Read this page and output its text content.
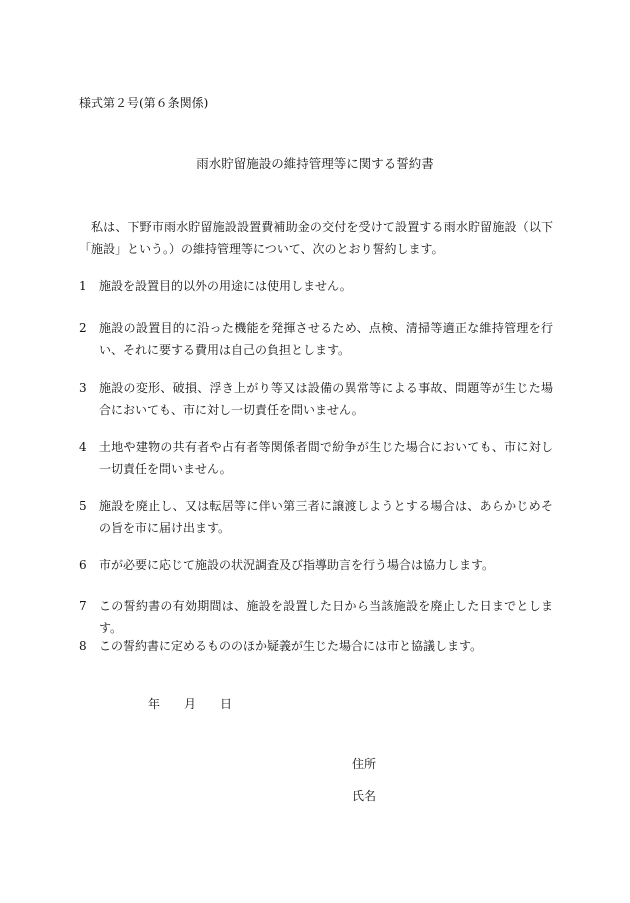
様式第２号(第６条関係)
雨水貯留施設の維持管理等に関する誓約書

私は、下野市雨水貯留施設設置費補助金の交付を受けて設置する雨水貯留施設（以下「施設」という。）の維持管理等について、次のとおり誓約します。

1	施設を設置目的以外の用途には使用しません。
2	施設の設置目的に沿った機能を発揮させるため、点検、清掃等適正な維持管理を行い、それに要する費用は自己の負担とします。
3	施設の変形、破損、浮き上がり等又は設備の異常等による事故、問題等が生じた場合においても、市に対し一切責任を問いません。
4	土地や建物の共有者や占有者等関係者間で紛争が生じた場合においても、市に対し一切責任を問いません。
5	施設を廃止し、又は転居等に伴い第三者に譲渡しようとする場合は、あらかじめその旨を市に届け出ます。
6	市が必要に応じて施設の状況調査及び指導助言を行う場合は協力します。
7	この誓約書の有効期間は、施設を設置した日から当該施設を廃止した日までとします。
8	この誓約書に定めるもののほか疑義が生じた場合には市と協議します。
年 月 日
住所
氏名
